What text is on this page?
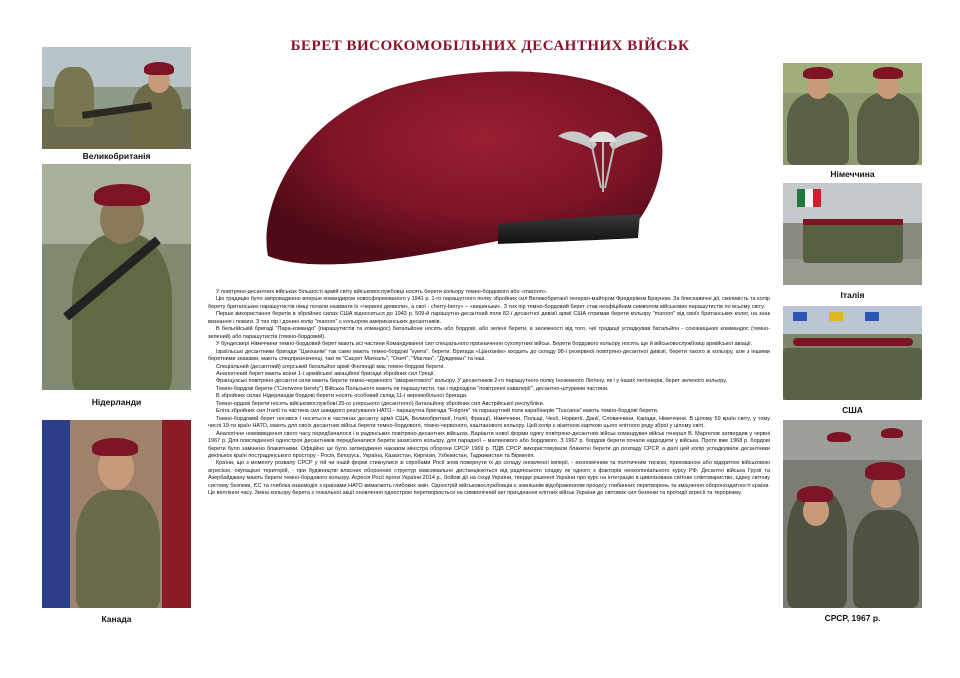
БЕРЕТ ВИСОКОМОБІЛЬНИХ ДЕСАНТНИХ ВІЙСЬК
Великобританія
Нідерланди
Канада
Німеччина
Італія
США
СРСР, 1967 р.

У повітряно-десантних військах більшості армій світу військовослужбовці носять берети кольору темно-бордового або «maroon».

Цю традицію було запроваджено вперше командиром новосформованого у 1941 р. 1-го парашутного полку збройних сил Великобританії генерал-майором Фредеріком Брауном. За блискавичні дії, сміливість та колір берету британських парашутистів німці почали називати їх «червоні дияволи», а свої - cherry-berry» – «вишеньки». З тих пір темно-бордовий берет став неофіційним символом військових парашутистів по всьому світу.

Перше використання беретів в збройних силах США відноситься до 1943 р. 509-й парашутно-десантний полк 82-ї десантної дивізії армії США отримав берети кольору "maroon" від своїх британських колег, на знак визнання і поваги. З тих пір і донині колір "maroon" є кольором американських десантників.

В бельгійській бригаді "Пара-командо" (парашутистів та командос) батальйони носять або бордові, або зелені берети, в залежності від того, чиї традиції успадкував батальйон - союзницьких коммандос (темно-зелений) або парашутистів (темно-бордовий).

У бундесвері Німеччини темно-бордовий берет мають всі частини Командування сил спеціального призначення сухопутних військ. Берети бордового кольору носять ще й військовослужбовці армійської авіації.

Ізраїльські десантники бригади "Цанханім" так само мають темно-бордові "кумта", берети. Бригада «Цанханім» входить до складу 98-ї резервної повітряно-десантної дивізії, берети такого ж кольору, але з іншими беретними знаками, мають спецпризначенці, такі як "Саєрет Маткаль", "Океті", "Маглан", "Дувдеван" та інші.

Спеціальний (десантний) єгерський батальйон армії Фінляндії має темно-бордові берети.

Аналогічний берет мають воїни 1-ї армійської авіаційної бригади збройних сил Греції.

Французські повітряно-десантні сили мають берети темно-червоного "амарантового" кольору. У десантників 2-го парашутного полку Іноземного Легіону, як і у інших легіонерів, берет зеленого кольору.

Темно-бордові берети ("Czerwone berety") Війська Польського мають як парашутисти, так і підрозділи "повітряної кавалерії", десантно-штурмові частини.

В збройних силах Нідерландів бордові берети носять особовий склад 11-ї аеромобільної бригади.

Темно-ордові берети носять військовослужбові 25-го єгерського (десантного) батальйону збройних сил Австрійської республіки.

Еліта збройних сил Італії та частина сил швидкого реагування НАТО - парашутна бригада "Folgore" та парашутний полк карабінерів "Tuscania" мають темно-бордові берети.

Темно-бордовий берет носився і носиться в частинах десанту армії США, Великобританії, Італії, Франції, Німеччини, Польщі, Чехії, Норвегії, Данії, Словаччини, Канади, Німеччини. В цілому 59 країн світу, у тому числі 19-ти країн НАТО, мають для своїх десантних військ берети темно-бордового, темно-червоного, каштанового кольору. Цей колір є візитною карткою цього елітного роду зброї у цілому світі.

Аналогічне нововведення свого часу передбачалося і в радянських повітряно-десантних військах. Варіанти нової форми одягу повітряно-десантних військ командувач військ генерал В. Маргелов затвердив у червні 1967 р. Для повсякденної одностроя десантників передбачалися берети захисного кольору, для парадної – малинового або бордового. З 1967 р. бордові берети почали надходити у війська. Проте вже 1968 р. бордові берети було замінено блакитними. Офіційно це було затверджено наказом міністра оборони СРСР 1969 р. ПДВ СРСР використовували блакитні берети до розпаду СРСР, а далі цей колір успадкували десантники декількох країн пострадянського простору - Росія, Білорусь, Україна, Казахстан, Киргизія, Узбекистан, Таджикистан та Вірменія.

Країни, що з моменту розвалу СРСР у тій чи іншій формі стикнулися зі спробами Росії знов повернути їх до складу оновленої імперії, - економічним та політичним тиском, прихованою або відкритою військовою агресією, окупацією територій, - при будівництві власних оборонних структур максимально дистанціюються від радянського спадку як одного з факторів неоколоніального курсу РФ. Десантні війська Грузії та Азербайджану мають берети темно-бордового кольору. Агресія Росії проти України 2014 р., бойові дії на сході України, тверде рішення України про курс на інтеграцію в цивілізоване світове співтовариство, єдину світову систему безпеки, ЄС та глибока взаємодія з країнами НАТО вимагають глибоких змін. Однострій військовослужбовців є зовнішнім відображенням процесу глибинних перетворень та зміцнення обороноздатності країни. Це велління часу. Зміна кольору берета з локальної акції оновлення однострою перетворюється на символічний акт приєднання елітних військ України до світових сил безпеки та протидії агресії та тероризму.
